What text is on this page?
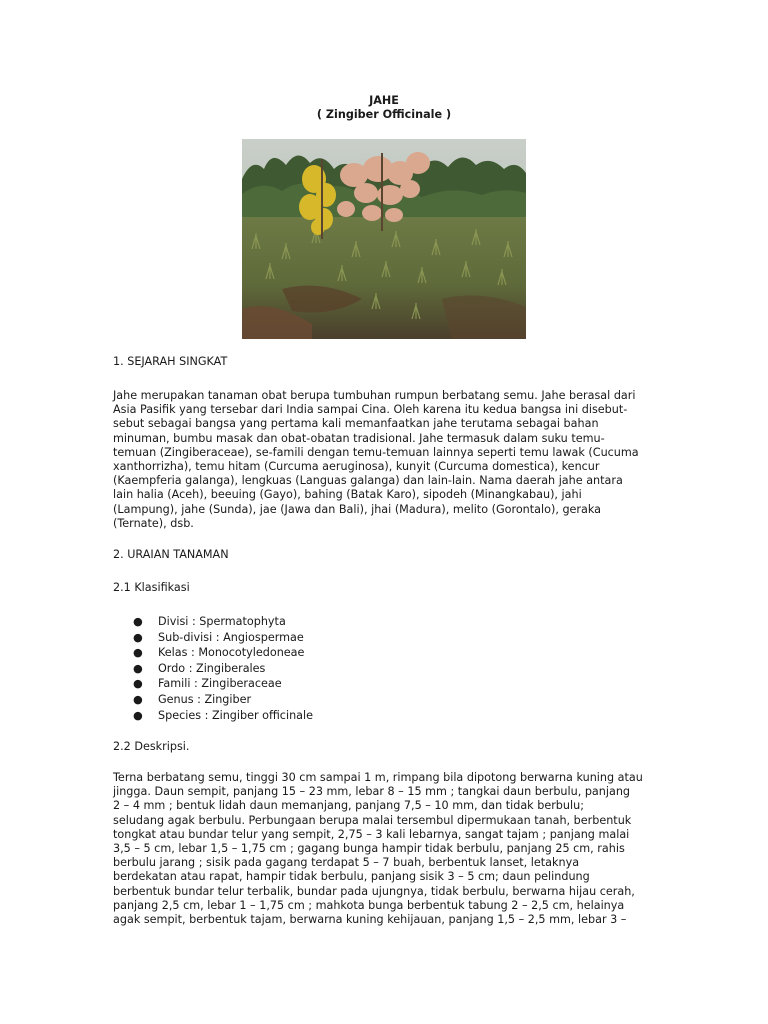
JAHE
( Zingiber Officinale )

1. SEJARAH SINGKAT

Jahe merupakan tanaman obat berupa tumbuhan rumpun berbatang semu. Jahe berasal dari
Asia Pasifik yang tersebar dari India sampai Cina. Oleh karena itu kedua bangsa ini disebut-
sebut sebagai bangsa yang pertama kali memanfaatkan jahe terutama sebagai bahan
minuman, bumbu masak dan obat-obatan tradisional. Jahe termasuk dalam suku temu-
temuan (Zingiberaceae), se-famili dengan temu-temuan lainnya seperti temu lawak (Cucuma
xanthorrizha), temu hitam (Curcuma aeruginosa), kunyit (Curcuma domestica), kencur
(Kaempferia galanga), lengkuas (Languas galanga) dan lain-lain. Nama daerah jahe antara
lain halia (Aceh), beeuing (Gayo), bahing (Batak Karo), sipodeh (Minangkabau), jahi
(Lampung), jahe (Sunda), jae (Jawa dan Bali), jhai (Madura), melito (Gorontalo), geraka
(Ternate), dsb.

2. URAIAN TANAMAN

2.1 Klasifikasi

● Divisi : Spermatophyta
● Sub-divisi : Angiospermae
● Kelas : Monocotyledoneae
● Ordo : Zingiberales
● Famili : Zingiberaceae
● Genus : Zingiber
● Species : Zingiber officinale

2.2 Deskripsi.

Terna berbatang semu, tinggi 30 cm sampai 1 m, rimpang bila dipotong berwarna kuning atau
jingga. Daun sempit, panjang 15 – 23 mm, lebar 8 – 15 mm ; tangkai daun berbulu, panjang
2 – 4 mm ; bentuk lidah daun memanjang, panjang 7,5 – 10 mm, dan tidak berbulu;
seludang agak berbulu. Perbungaan berupa malai tersembul dipermukaan tanah, berbentuk
tongkat atau bundar telur yang sempit, 2,75 – 3 kali lebarnya, sangat tajam ; panjang malai
3,5 – 5 cm, lebar 1,5 – 1,75 cm ; gagang bunga hampir tidak berbulu, panjang 25 cm, rahis
berbulu jarang ; sisik pada gagang terdapat 5 – 7 buah, berbentuk lanset, letaknya
berdekatan atau rapat, hampir tidak berbulu, panjang sisik 3 – 5 cm; daun pelindung
berbentuk bundar telur terbalik, bundar pada ujungnya, tidak berbulu, berwarna hijau cerah,
panjang 2,5 cm, lebar 1 – 1,75 cm ; mahkota bunga berbentuk tabung 2 – 2,5 cm, helainya
agak sempit, berbentuk tajam, berwarna kuning kehijauan, panjang 1,5 – 2,5 mm, lebar 3 –
